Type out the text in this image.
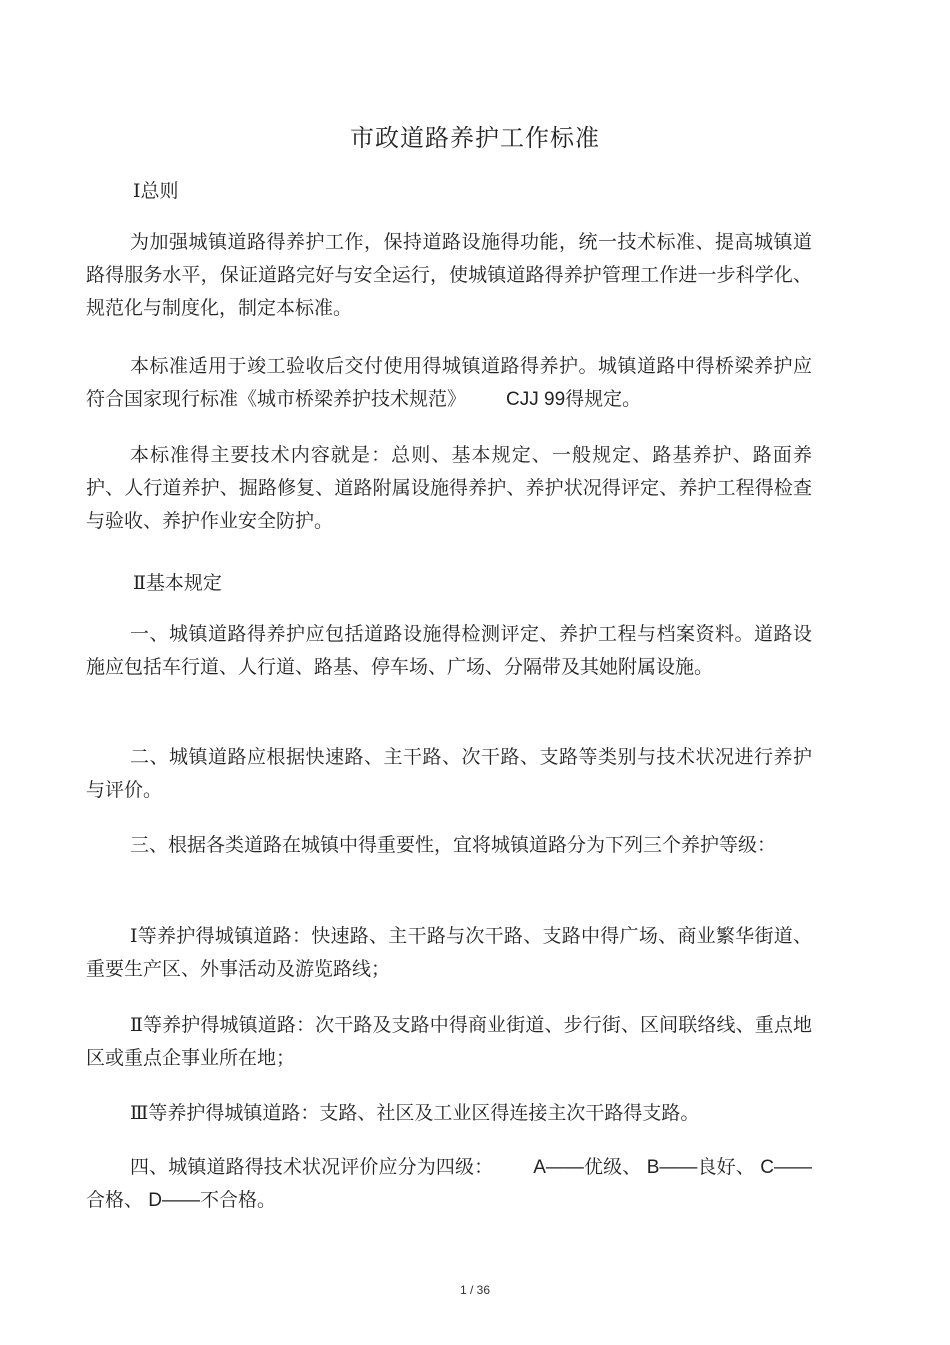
市政道路养护工作标准
Ⅰ总则

为加强城镇道路得养护工作，保持道路设施得功能，统一技术标准、提高城镇道路得服务水平，保证道路完好与安全运行，使城镇道路得养护管理工作进一步科学化、规范化与制度化，制定本标准。

本标准适用于竣工验收后交付使用得城镇道路得养护。城镇道路中得桥梁养护应符合国家现行标准《城市桥梁养护技术规范》 CJJ 99得规定。

本标准得主要技术内容就是：总则、基本规定、一般规定、路基养护、路面养护、人行道养护、掘路修复、道路附属设施得养护、养护状况得评定、养护工程得检查与验收、养护作业安全防护。

Ⅱ基本规定

一、城镇道路得养护应包括道路设施得检测评定、养护工程与档案资料。道路设施应包括车行道、人行道、路基、停车场、广场、分隔带及其她附属设施。

二、城镇道路应根据快速路、主干路、次干路、支路等类别与技术状况进行养护与评价。

三、根据各类道路在城镇中得重要性，宜将城镇道路分为下列三个养护等级：

Ⅰ等养护得城镇道路：快速路、主干路与次干路、支路中得广场、商业繁华街道、重要生产区、外事活动及游览路线；

Ⅱ等养护得城镇道路：次干路及支路中得商业街道、步行街、区间联络线、重点地区或重点企事业所在地；

Ⅲ等养护得城镇道路：支路、社区及工业区得连接主次干路得支路。

四、城镇道路得技术状况评价应分为四级： A——优级、 B——良好、 C——合格、 D——不合格。

1 / 36
